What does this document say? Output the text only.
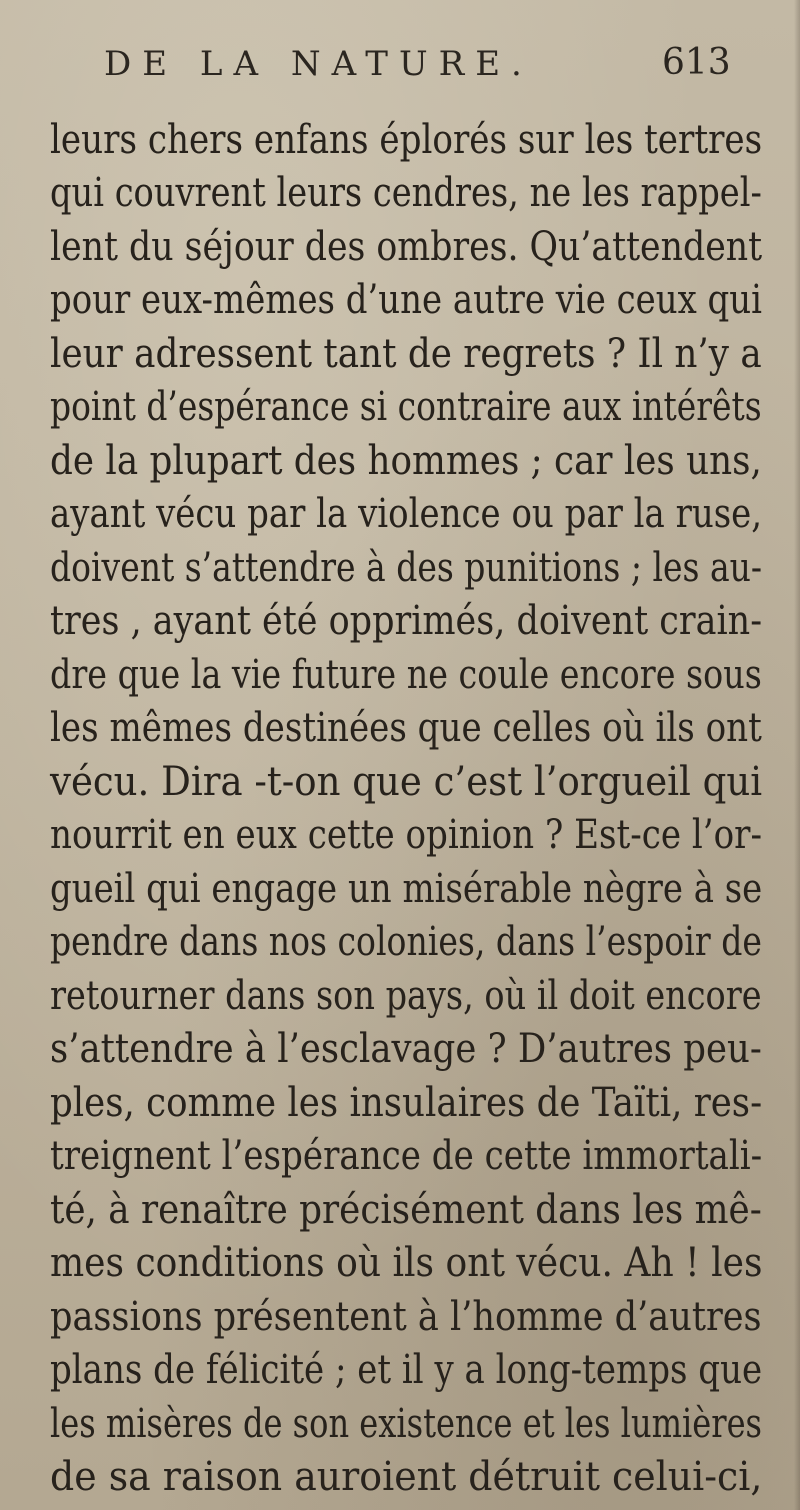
DE LA NATURE.	613
leurs chers enfans éplorés sur les tertres
qui couvrent leurs cendres, ne les rappel-
lent du séjour des ombres. Qu’attendent
pour eux-mêmes d’une autre vie ceux qui
leur adressent tant de regrets ? Il n’y a
point d’espérance si contraire aux intérêts
de la plupart des hommes ; car les uns,
ayant vécu par la violence ou par la ruse,
doivent s’attendre à des punitions ; les au-
tres , ayant été opprimés, doivent crain-
dre que la vie future ne coule encore sous
les mêmes destinées que celles où ils ont
vécu. Dira -t-on que c’est l’orgueil qui
nourrit en eux cette opinion ? Est-ce l’or-
gueil qui engage un misérable nègre à se
pendre dans nos colonies, dans l’espoir de
retourner dans son pays, où il doit encore
s’attendre à l’esclavage ? D’autres peu-
ples, comme les insulaires de Taïti, res-
treignent l’espérance de cette immortali-
té, à renaître précisément dans les mê-
mes conditions où ils ont vécu. Ah ! les
passions présentent à l’homme d’autres
plans de félicité ; et il y a long-temps que
les misères de son existence et les lumières
de sa raison auroient détruit celui-ci,
